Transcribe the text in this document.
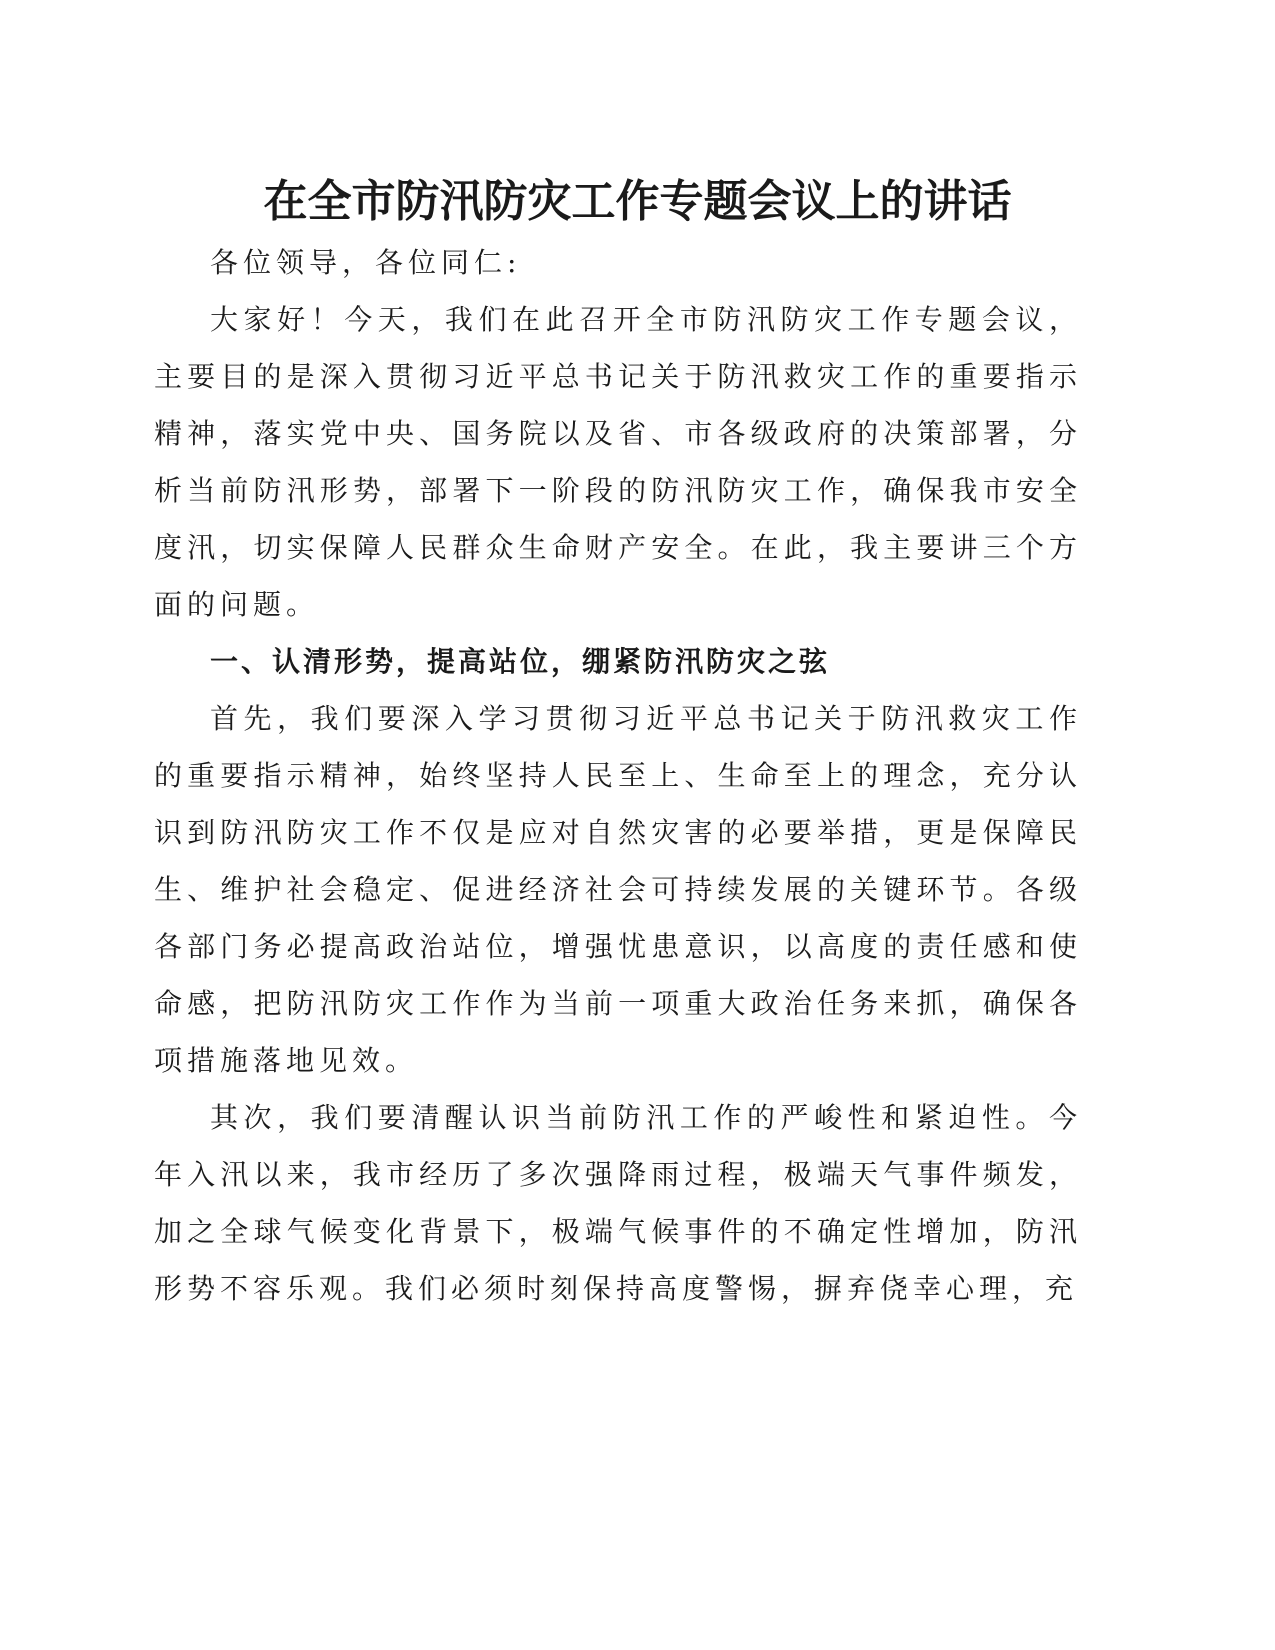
在全市防汛防灾工作专题会议上的讲话

各位领导，各位同仁:

大家好！今天，我们在此召开全市防汛防灾工作专题会议，主要目的是深入贯彻习近平总书记关于防汛救灾工作的重要指示精神，落实党中央、国务院以及省、市各级政府的决策部署，分析当前防汛形势，部署下一阶段的防汛防灾工作，确保我市安全度汛，切实保障人民群众生命财产安全。在此，我主要讲三个方面的问题。

一、认清形势，提高站位，绷紧防汛防灾之弦

首先，我们要深入学习贯彻习近平总书记关于防汛救灾工作的重要指示精神，始终坚持人民至上、生命至上的理念，充分认识到防汛防灾工作不仅是应对自然灾害的必要举措，更是保障民生、维护社会稳定、促进经济社会可持续发展的关键环节。各级各部门务必提高政治站位，增强忧患意识，以高度的责任感和使命感，把防汛防灾工作作为当前一项重大政治任务来抓，确保各项措施落地见效。

其次，我们要清醒认识当前防汛工作的严峻性和紧迫性。今年入汛以来，我市经历了多次强降雨过程，极端天气事件频发，加之全球气候变化背景下，极端气候事件的不确定性增加，防汛形势不容乐观。我们必须时刻保持高度警惕，摒弃侥幸心理，充
